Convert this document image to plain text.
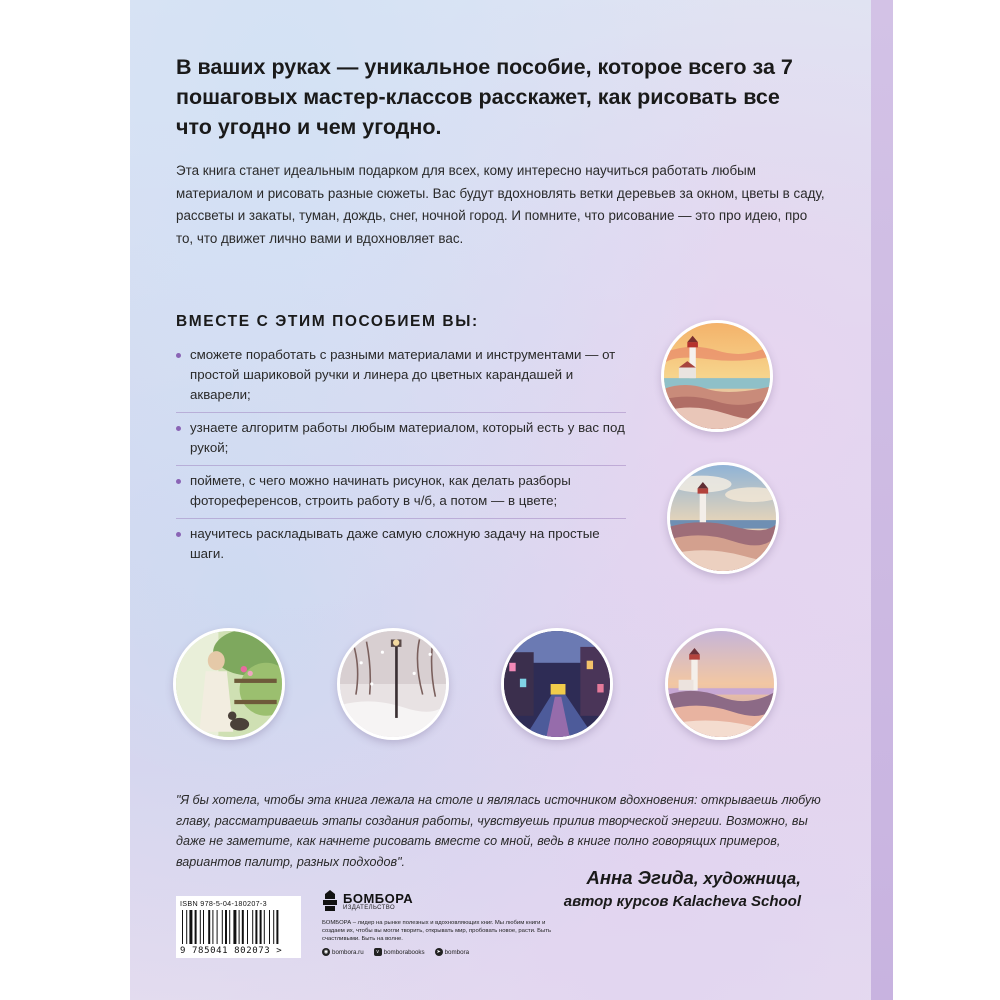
В ваших руках — уникальное пособие, которое всего за 7 пошаговых мастер-классов расскажет, как рисовать все что угодно и чем угодно.

Эта книга станет идеальным подарком для всех, кому интересно научиться работать любым материалом и рисовать разные сюжеты. Вас будут вдохновлять ветки деревьев за окном, цветы в саду, рассветы и закаты, туман, дождь, снег, ночной город. И помните, что рисование — это про идею, про то, что движет лично вами и вдохновляет вас.

ВМЕСТЕ С ЭТИМ ПОСОБИЕМ ВЫ:
сможете поработать с разными материалами и инструментами — от простой шариковой ручки и линера до цветных карандашей и акварели;
узнаете алгоритм работы любым материалом, который есть у вас под рукой;
поймете, с чего можно начинать рисунок, как делать разборы фотореференсов, строить работу в ч/б, а потом — в цвете;
научитесь раскладывать даже самую сложную задачу на простые шаги.

"Я бы хотела, чтобы эта книга лежала на столе и являлась источником вдохновения: открываешь любую главу, рассматриваешь этапы создания работы, чувствуешь прилив творческой энергии. Возможно, вы даже не заметите, как начнете рисовать вместе со мной, ведь в книге полно говорящих примеров, вариантов палитр, разных подходов".

Анна Эгида, художница,
автор курсов Kalacheva School
ISBN 978-5-04-180207-3
9 785041 802073 >
БОМБОРА
ИЗДАТЕЛЬСТВО

БОМБОРА – лидер на рынке полезных и вдохновляющих книг. Мы любим книги и создаем их, чтобы вы могли творить, открывать мир, пробовать новое, расти. Быть счастливыми. Быть на волне.

◉ bombora.ru	v bomborabooks	➤ bombora
